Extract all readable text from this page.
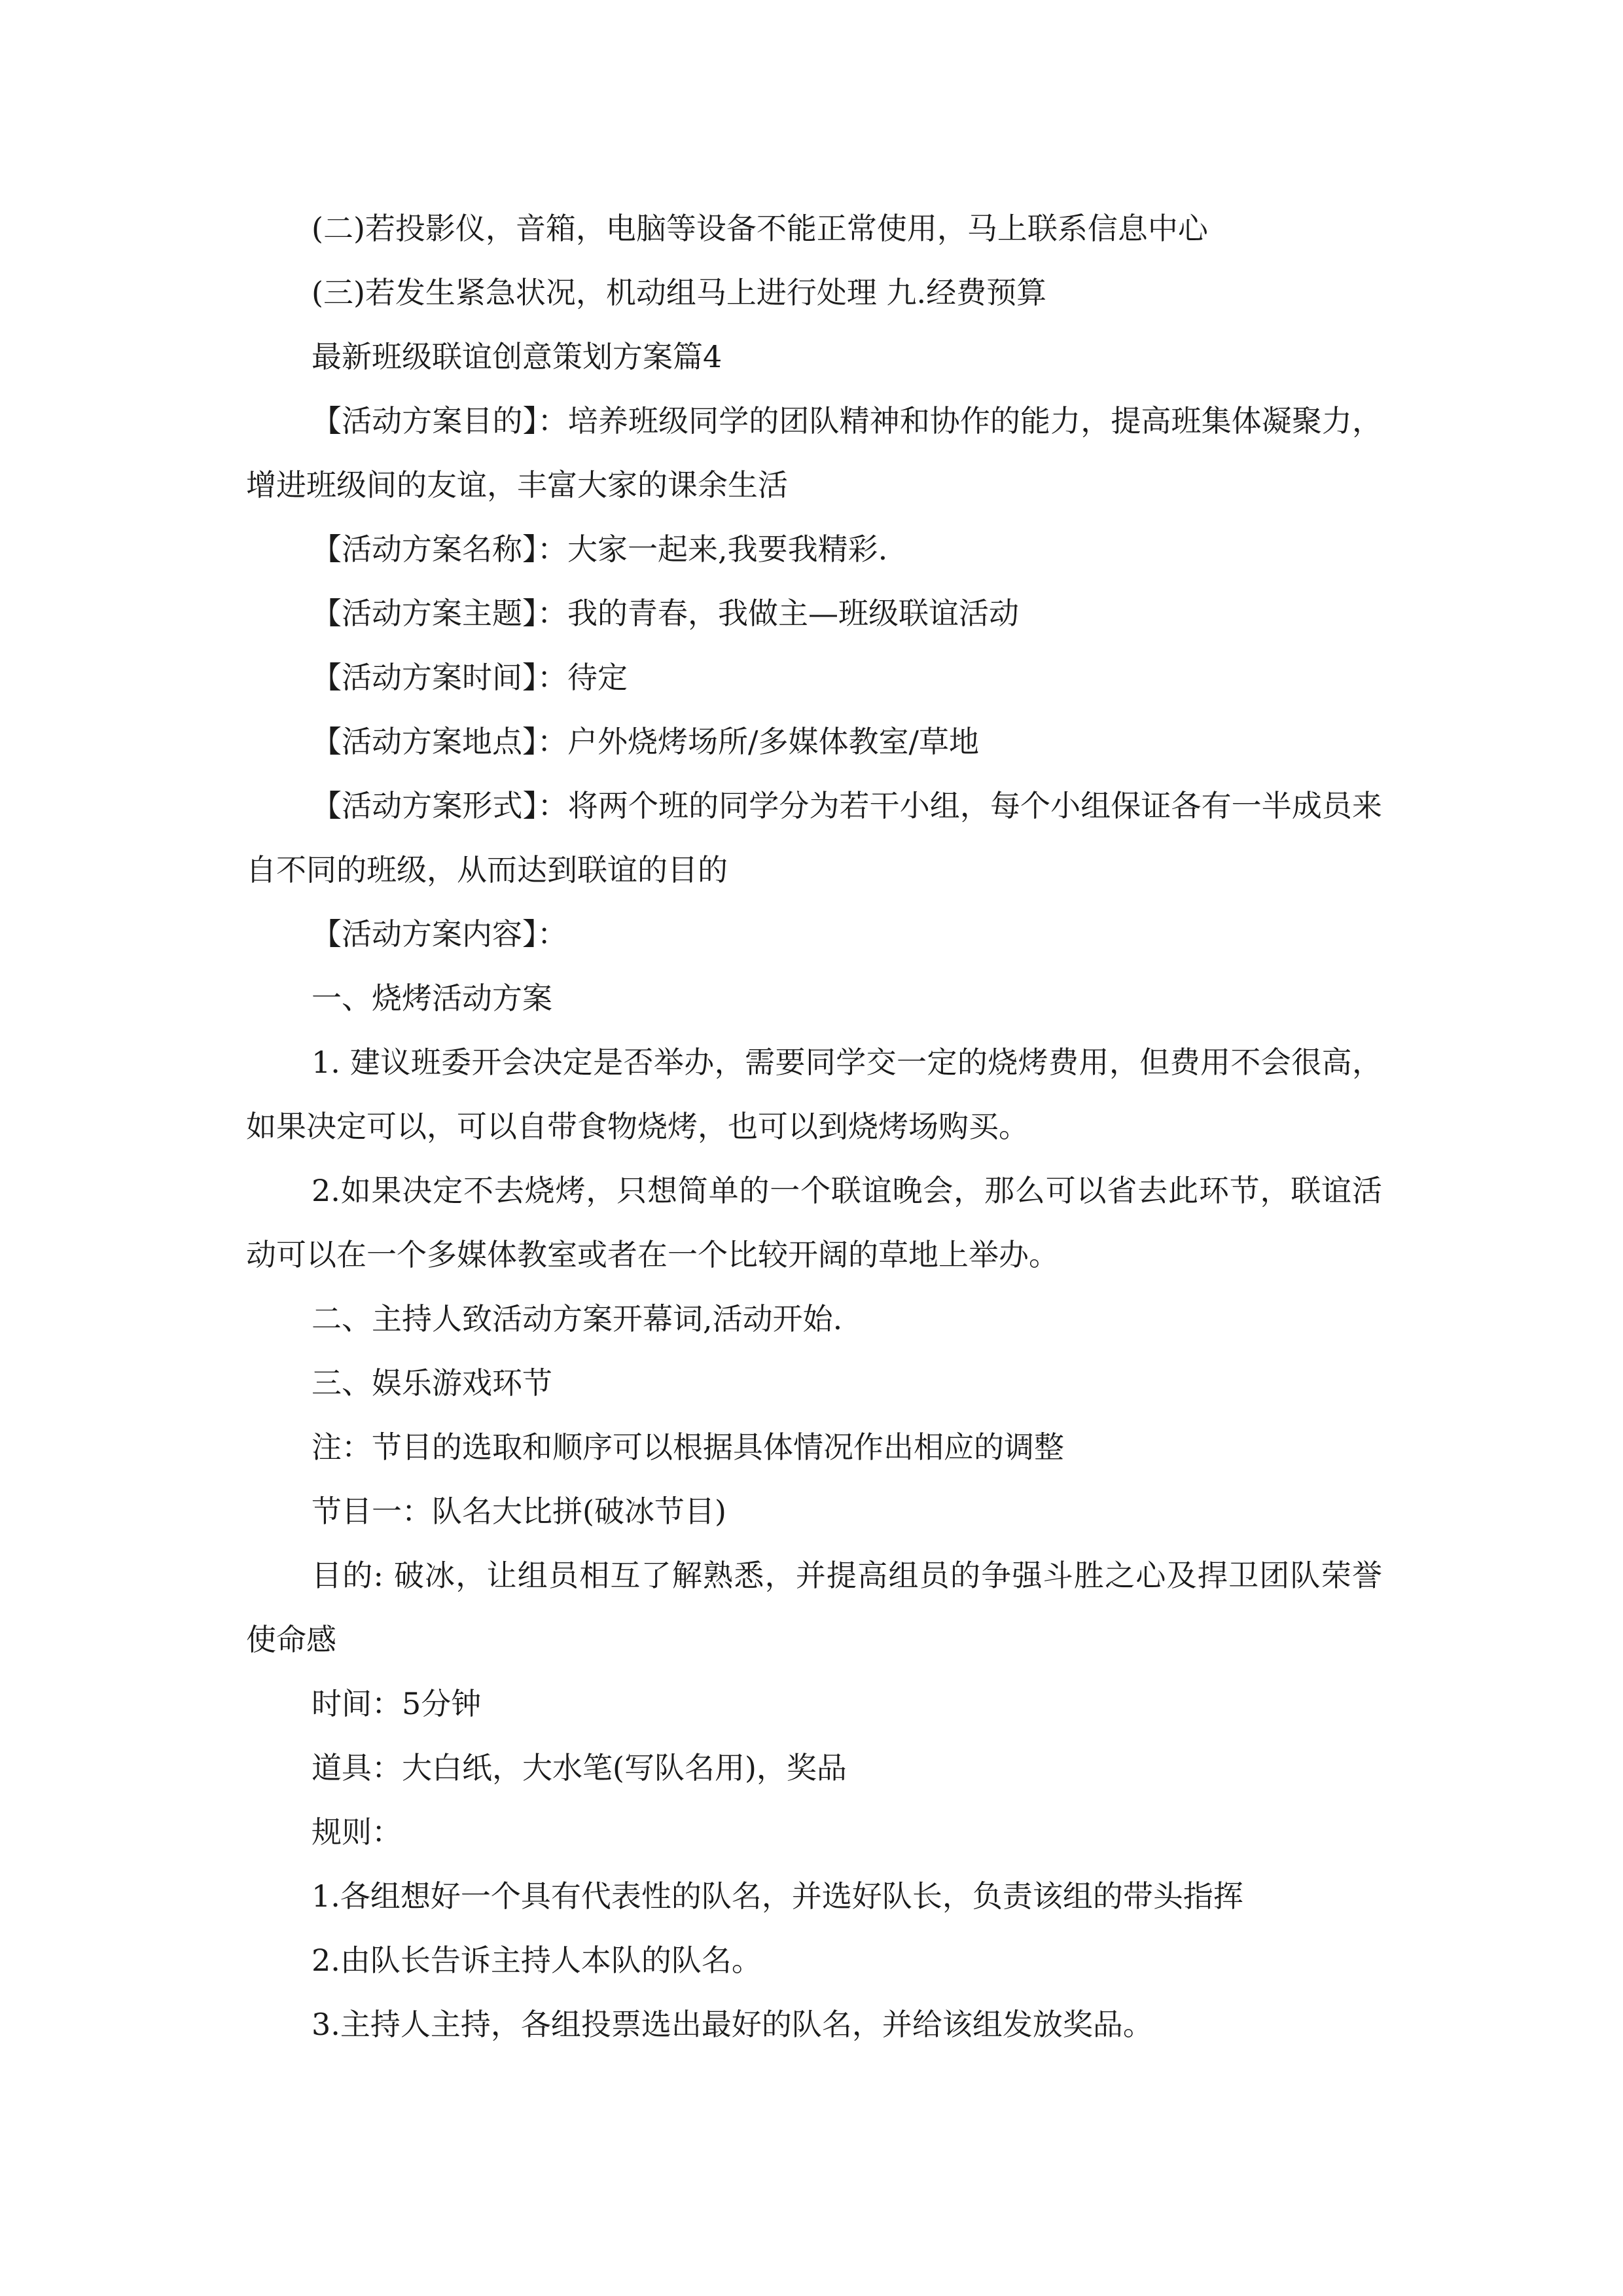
(二)若投影仪，音箱，电脑等设备不能正常使用，马上联系信息中心

(三)若发生紧急状况，机动组马上进行处理 九.经费预算

最新班级联谊创意策划方案篇4

【活动方案目的】：培养班级同学的团队精神和协作的能力，提高班集体凝聚力，增进班级间的友谊，丰富大家的课余生活

【活动方案名称】：大家一起来,我要我精彩.

【活动方案主题】：我的青春，我做主—班级联谊活动

【活动方案时间】：待定

【活动方案地点】：户外烧烤场所/多媒体教室/草地

【活动方案形式】：将两个班的同学分为若干小组，每个小组保证各有一半成员来自不同的班级，从而达到联谊的目的

【活动方案内容】：

一、烧烤活动方案

1. 建议班委开会决定是否举办，需要同学交一定的烧烤费用，但费用不会很高，如果决定可以，可以自带食物烧烤，也可以到烧烤场购买。

2.如果决定不去烧烤，只想简单的一个联谊晚会，那么可以省去此环节，联谊活动可以在一个多媒体教室或者在一个比较开阔的草地上举办。

二、主持人致活动方案开幕词,活动开始.

三、娱乐游戏环节

注：节目的选取和顺序可以根据具体情况作出相应的调整

节目一：队名大比拼(破冰节目)

目的: 破冰，让组员相互了解熟悉，并提高组员的争强斗胜之心及捍卫团队荣誉使命感

时间：5分钟

道具：大白纸，大水笔(写队名用)，奖品

规则：

1.各组想好一个具有代表性的队名，并选好队长，负责该组的带头指挥

2.由队长告诉主持人本队的队名。

3.主持人主持，各组投票选出最好的队名，并给该组发放奖品。
